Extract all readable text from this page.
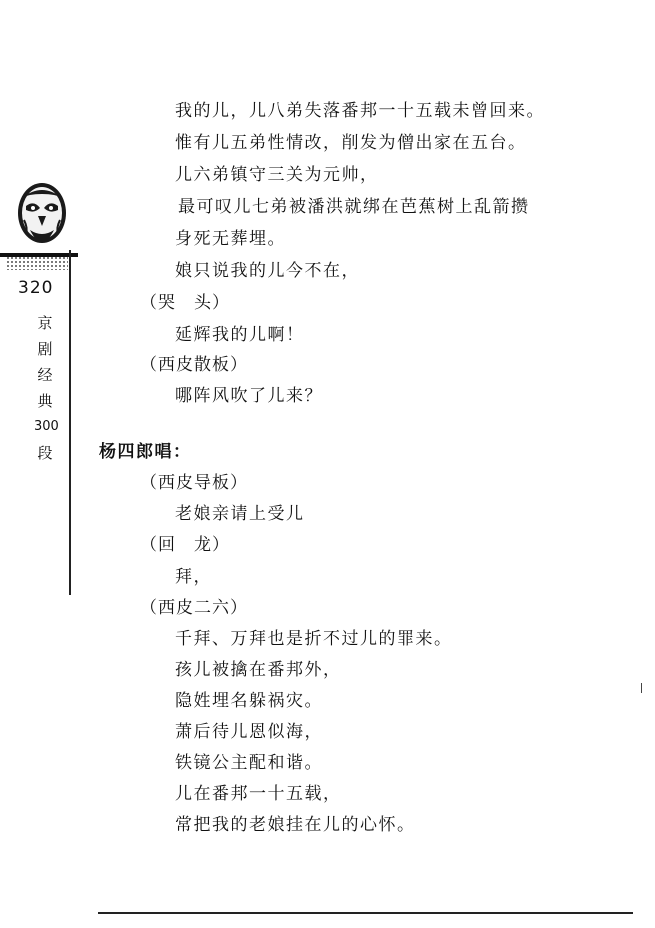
320
京
剧
经
典
300
段
我的儿，儿八弟失落番邦一十五载未曾回来。
惟有儿五弟性情改，削发为僧出家在五台。
儿六弟镇守三关为元帅，
最可叹儿七弟被潘洪就绑在芭蕉树上乱箭攒
身死无葬埋。
娘只说我的儿今不在，
（哭　头）
延辉我的儿啊！
（西皮散板）
哪阵风吹了儿来？
杨四郎唱：
（西皮导板）
老娘亲请上受儿
（回　龙）
拜，
（西皮二六）
千拜、万拜也是折不过儿的罪来。
孩儿被擒在番邦外，
隐姓埋名躲祸灾。
萧后待儿恩似海，
铁镜公主配和谐。
儿在番邦一十五载，
常把我的老娘挂在儿的心怀。
